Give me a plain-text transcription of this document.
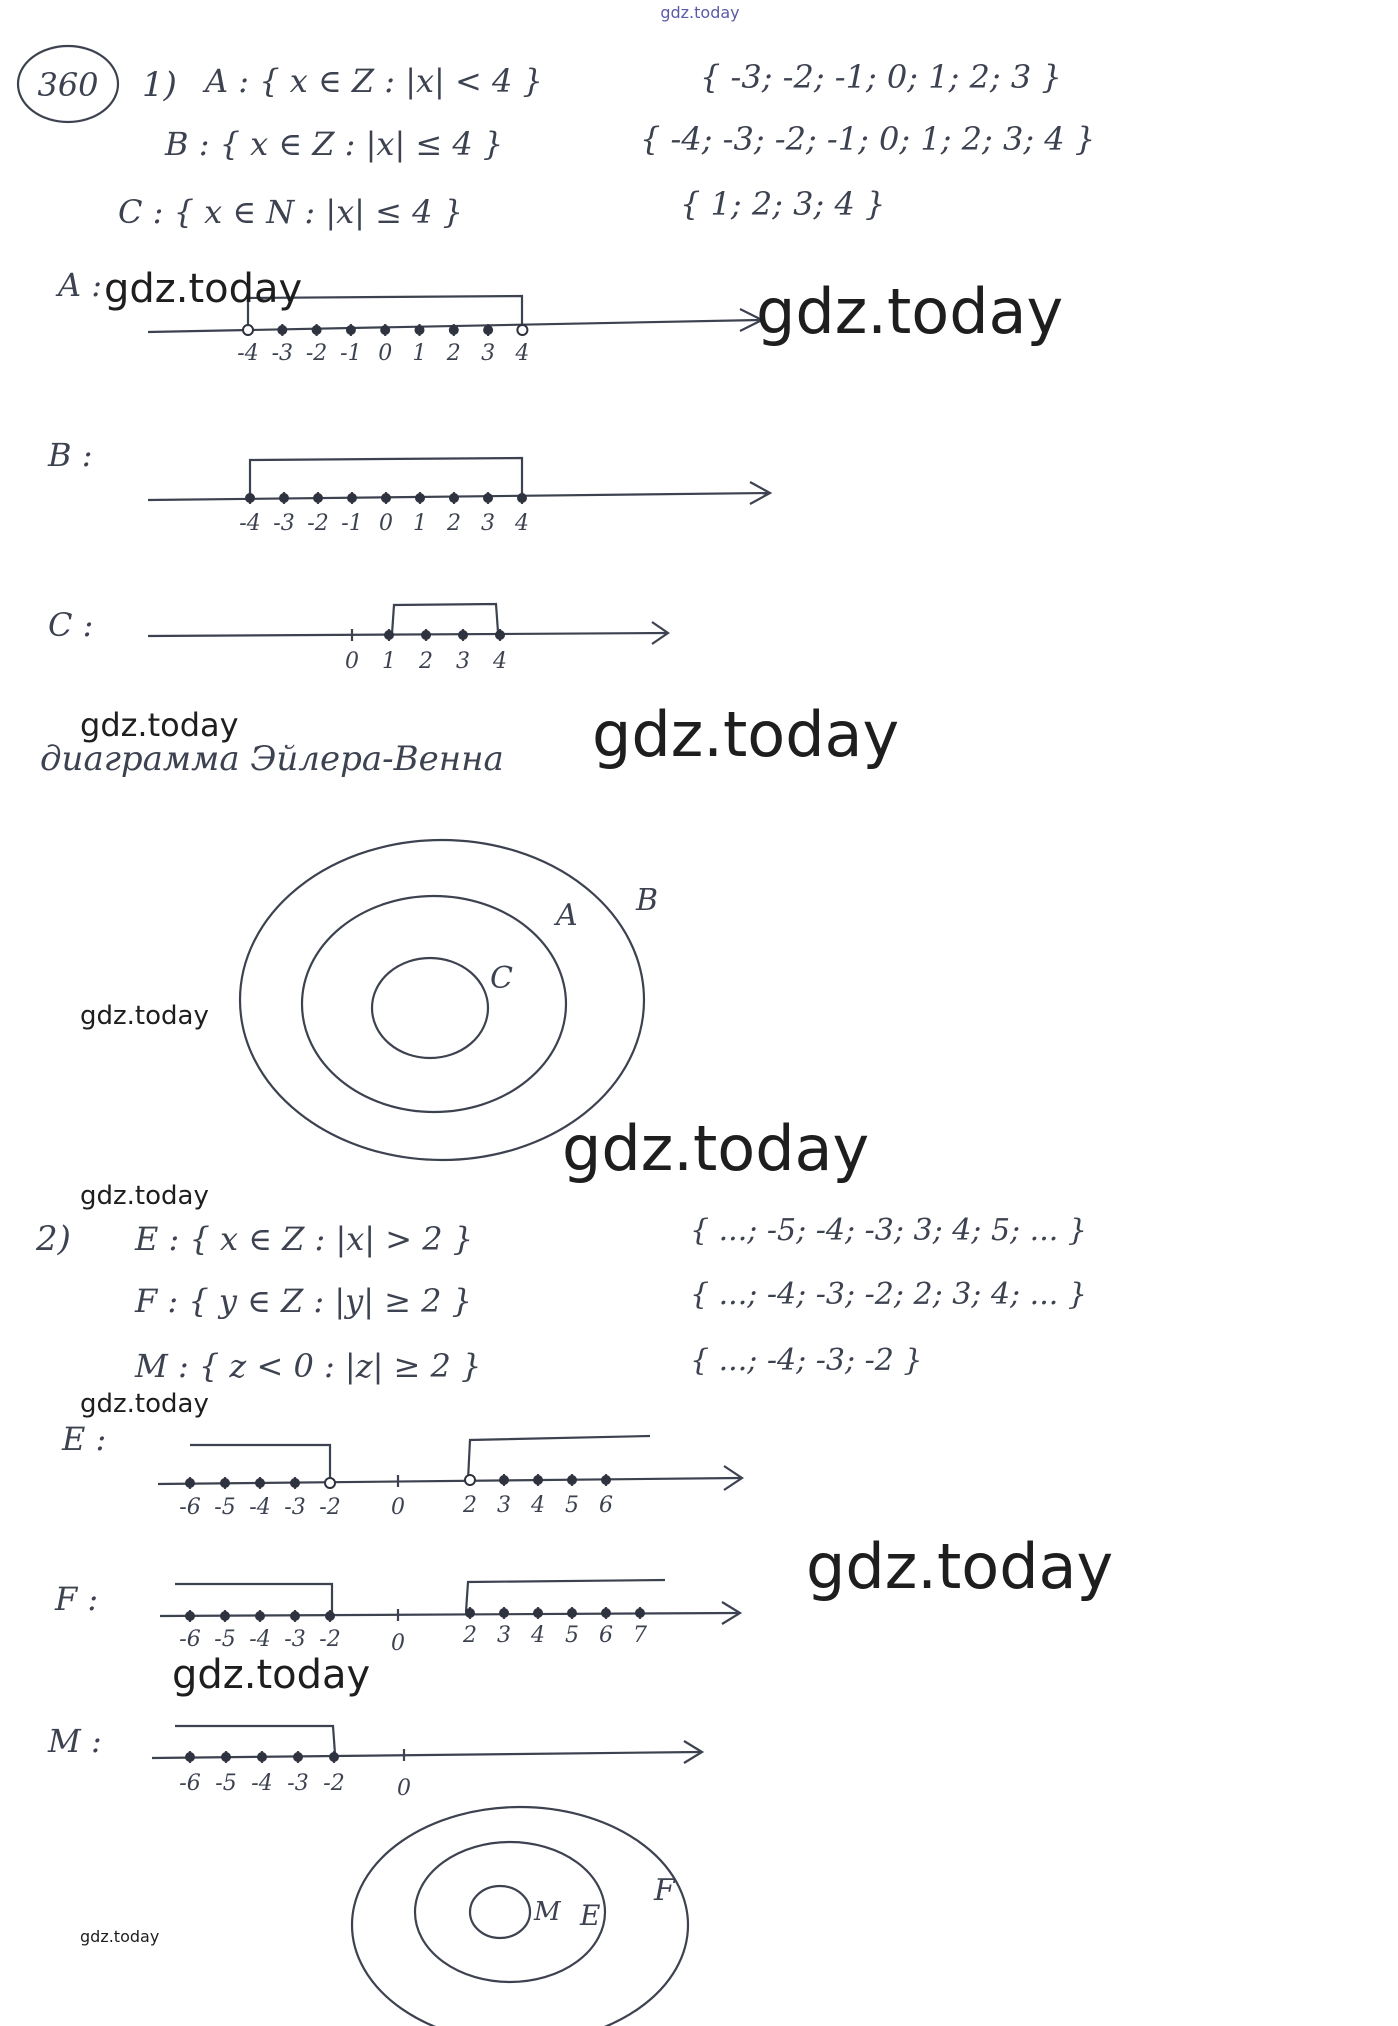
gdz.today
360 1) A : { x ∈ Z : |x| < 4 }	{ -3; -2; -1; 0; 1; 2; 3 }
B : { x ∈ Z : |x| ≤ 4 }	{ -4; -3; -2; -1; 0; 1; 2; 3; 4 }
C : { x ∈ N : |x| ≤ 4 }	{ 1; 2; 3; 4 }
A :
-4 -3 -2 -1 0 1 2 3 4
B :
-4 -3 -2 -1 0 1 2 3 4
C :
0 1 2 3 4
диаграмма Эйлера-Венна
C
A B
2) E : { x ∈ Z : |x| > 2 }	{ ...; -5; -4; -3; 3; 4; 5; ... }
F : { y ∈ Z : |y| ≥ 2 }	{ ...; -4; -3; -2; 2; 3; 4; ... }
M : { z < 0 : |z| ≥ 2 }	{ ...; -4; -3; -2 }
E :
-6 -5 -4 -3 -2 0	2 3 4 5 6
F :
-6 -5 -4 -3 -2 0	2 3 4 5 6 7
M :
-6 -5 -4 -3 -2 0
M E
F
gdz.today	gdz.today
gdz.today	gdz.today
gdz.today
gdz.today
gdz.today
gdz.today
gdz.today
gdz.today
gdz.today
